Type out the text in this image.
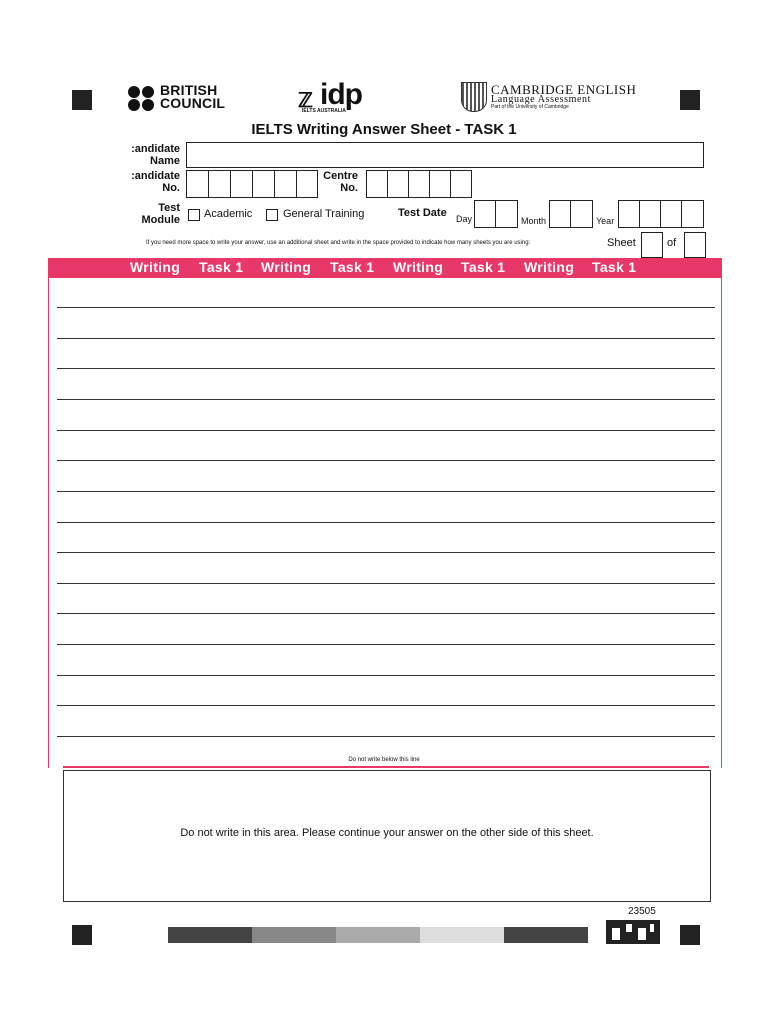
BRITISH
COUNCIL	ℤ idp
IELTS AUSTRALIA
CAMBRIDGE ENGLISH
Language Assessment
Part of the University of Cambridge
IELTS Writing Answer Sheet - TASK 1
:andidate
Name
:andidate
No.
Centre
No.
Test
Module Academic	General Training	Test Date Day	Month	Year
If you need more space to write your answer, use an additional sheet and write in the space provided to indicate how many sheets you are using:	Sheet	of
Writing Task 1 Writing Task 1 Writing Task 1 Writing Task 1
Do not write below this line
Do not write in this area. Please continue your answer on the other side of this sheet.
23505
